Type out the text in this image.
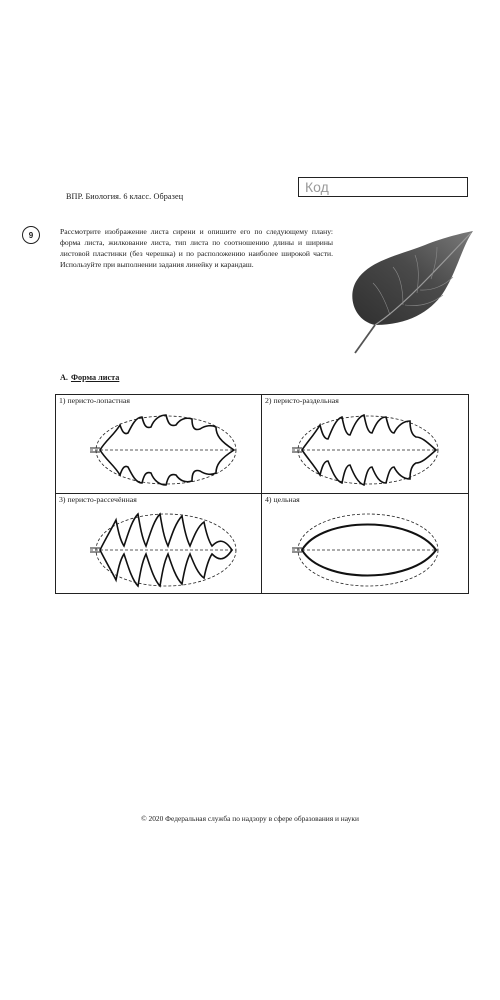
ВПР. Биология. 6 класс. Образец
Код
9	Рассмотрите изображение листа сирени и опишите его по следующему плану: форма листа, жилкование листа, тип листа по соотношению длины и ширины листовой пластинки (без черешка) и по расположению наиболее широкой части. Используйте при выполнении задания линейку и карандаш.
А. Форма листа
1) перисто-лопастная	2) перисто-раздельная
3) перисто-рассечённая	4) цельная
© 2020 Федеральная служба по надзору в сфере образования и науки
